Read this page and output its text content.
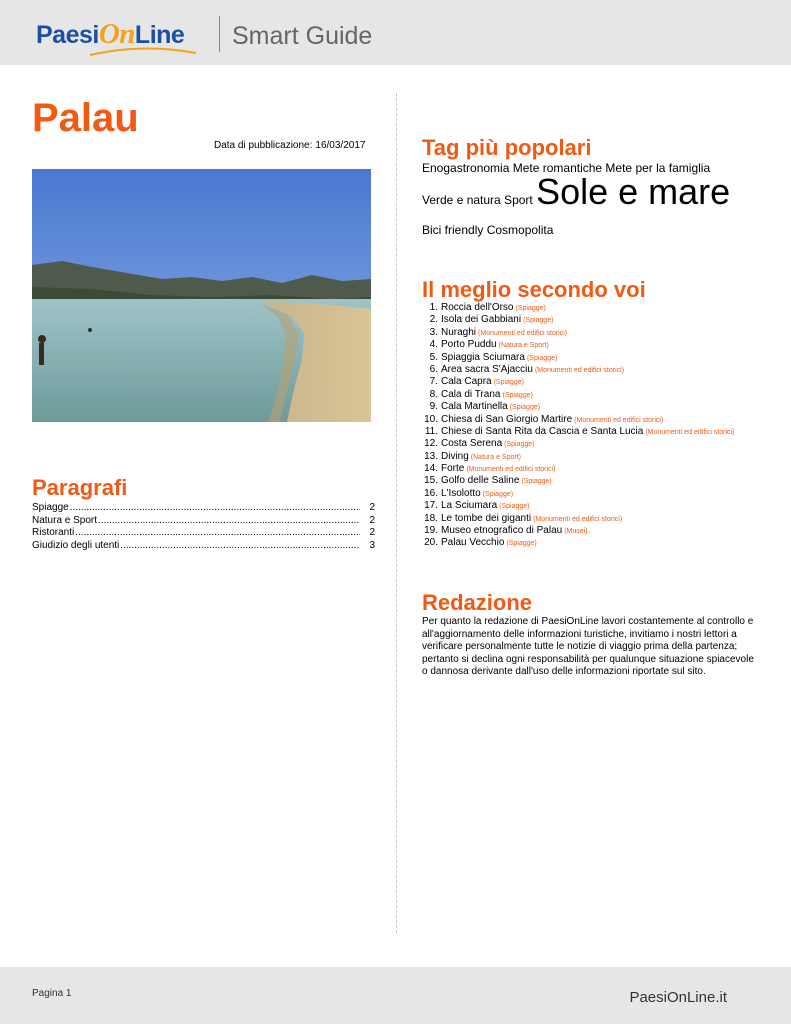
PaesiOnLine Smart Guide
Palau
Data di pubblicazione: 16/03/2017
Paragrafi
Spiagge .....	2
Natura e Sport .....	2
Ristoranti .....	2
Giudizio degli utenti .....	3
Tag più popolari
Enogastronomia Mete romantiche Mete per la famiglia
Verde e natura Sport Sole e mare
Bici friendly Cosmopolita
Il meglio secondo voi
1. Roccia dell'Orso (Spiagge)
2. Isola dei Gabbiani (Spiagge)
3. Nuraghi (Monumenti ed edifici storici)
4. Porto Puddu (Natura e Sport)
5. Spiaggia Sciumara (Spiagge)
6. Area sacra S'Ajacciu (Monumenti ed edifici storici)
7. Cala Capra (Spiagge)
8. Cala di Trana (Spiagge)
9. Cala Martinella (Spiagge)
10. Chiesa di San Giorgio Martire (Monumenti ed edifici storici)
11. Chiese di Santa Rita da Cascia e Santa Lucia (Monumenti ed edifici storici)
12. Costa Serena (Spiagge)
13. Diving (Natura e Sport)
14. Forte (Monumenti ed edifici storici)
15. Golfo delle Saline (Spiagge)
16. L'Isolotto (Spiagge)
17. La Sciumara (Spiagge)
18. Le tombe dei giganti (Monumenti ed edifici storici)
19. Museo etnografico di Palau (Musei)
20. Palau Vecchio (Spiagge)
Redazione
Per quanto la redazione di PaesiOnLine lavori costantemente al controllo e all'aggiornamento delle informazioni turistiche, invitiamo i nostri lettori a verificare personalmente tutte le notizie di viaggio prima della partenza; pertanto si declina ogni responsabilità per qualunque situazione spiacevole o dannosa derivante dall'uso delle informazioni riportate sul sito.
Pagina 1	PaesiOnLine.it
